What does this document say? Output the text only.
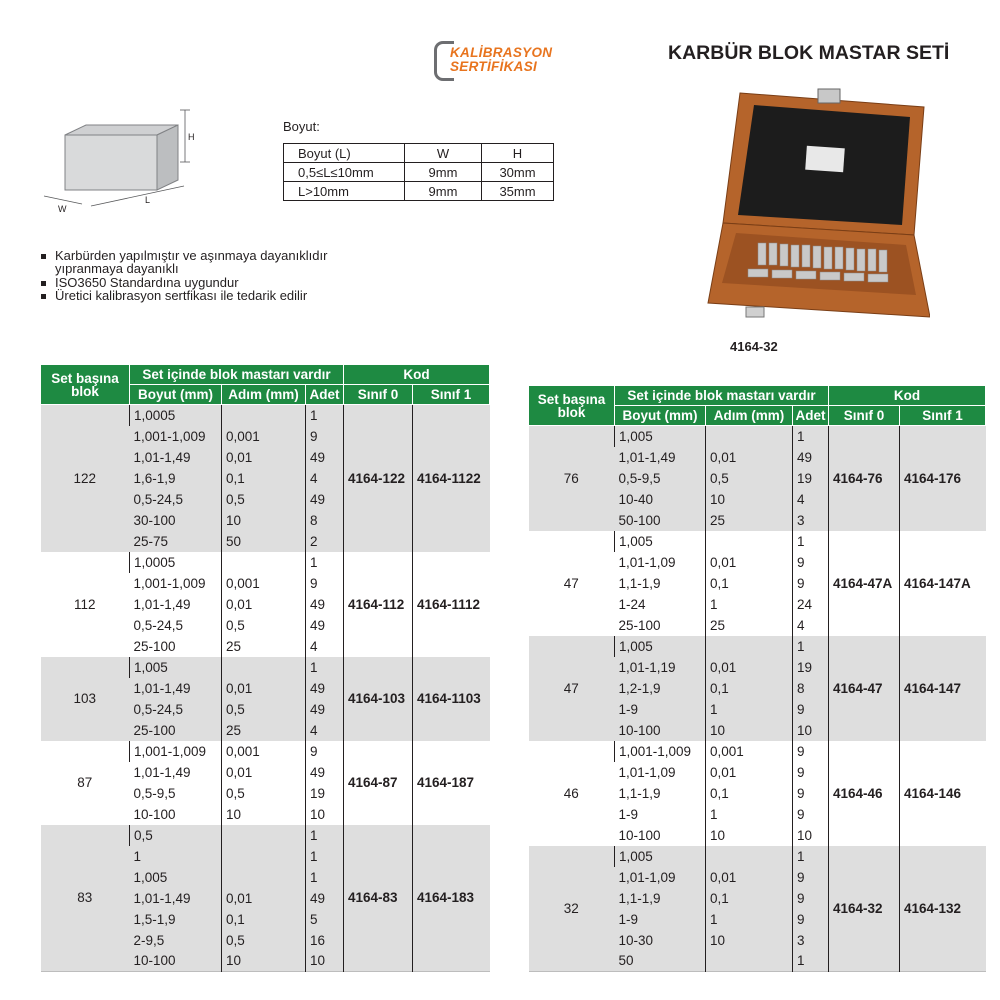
KARBÜR BLOK MASTAR SETİ
KALİBRASYON
SERTİFİKASI
H
L
W
Boyut:
Boyut (L)	W	H
0,5≤L≤10mm	9mm	30mm
L>10mm	9mm	35mm
Karbürden yapılmıştır ve aşınmaya dayanıklıdır
yıpranmaya dayanıklı
ISO3650 Standardına uygundur
Üretici kalibrasyon sertfikası ile tedarik edilir
4164-32
Set başına blok	Set içinde blok mastarı vardır			Kod	
	Boyut (mm)	Adım (mm)	Adet	Sınıf 0	Sınıf 1
122	1,0005		1	4164-122	4164-1122
	1,001-1,009	0,001	9		
	1,01-1,49	0,01	49		
	1,6-1,9	0,1	4		
	0,5-24,5	0,5	49		
	30-100	10	8		
	25-75	50	2		
112	1,0005		1	4164-112	4164-1112
	1,001-1,009	0,001	9		
	1,01-1,49	0,01	49		
	0,5-24,5	0,5	49		
	25-100	25	4		
103	1,005		1	4164-103	4164-1103
	1,01-1,49	0,01	49		
	0,5-24,5	0,5	49		
	25-100	25	4		
87	1,001-1,009	0,001	9	4164-87	4164-187
	1,01-1,49	0,01	49		
	0,5-9,5	0,5	19		
	10-100	10	10		
83	0,5		1	4164-83	4164-183
	1		1		
	1,005		1		
	1,01-1,49	0,01	49		
	1,5-1,9	0,1	5		
	2-9,5	0,5	16		
	10-100	10	10		
Set başına blok	Set içinde blok mastarı vardır			Kod	
	Boyut (mm)	Adım (mm)	Adet	Sınıf 0	Sınıf 1
76	1,005		1	4164-76	4164-176
	1,01-1,49	0,01	49		
	0,5-9,5	0,5	19		
	10-40	10	4		
	50-100	25	3		
47	1,005		1	4164-47A	4164-147A
	1,01-1,09	0,01	9		
	1,1-1,9	0,1	9		
	1-24	1	24		
	25-100	25	4		
47	1,005		1	4164-47	4164-147
	1,01-1,19	0,01	19		
	1,2-1,9	0,1	8		
	1-9	1	9		
	10-100	10	10		
46	1,001-1,009	0,001	9	4164-46	4164-146
	1,01-1,09	0,01	9		
	1,1-1,9	0,1	9		
	1-9	1	9		
	10-100	10	10		
32	1,005		1	4164-32	4164-132
	1,01-1,09	0,01	9		
	1,1-1,9	0,1	9		
	1-9	1	9		
	10-30	10	3		
	50		1		
